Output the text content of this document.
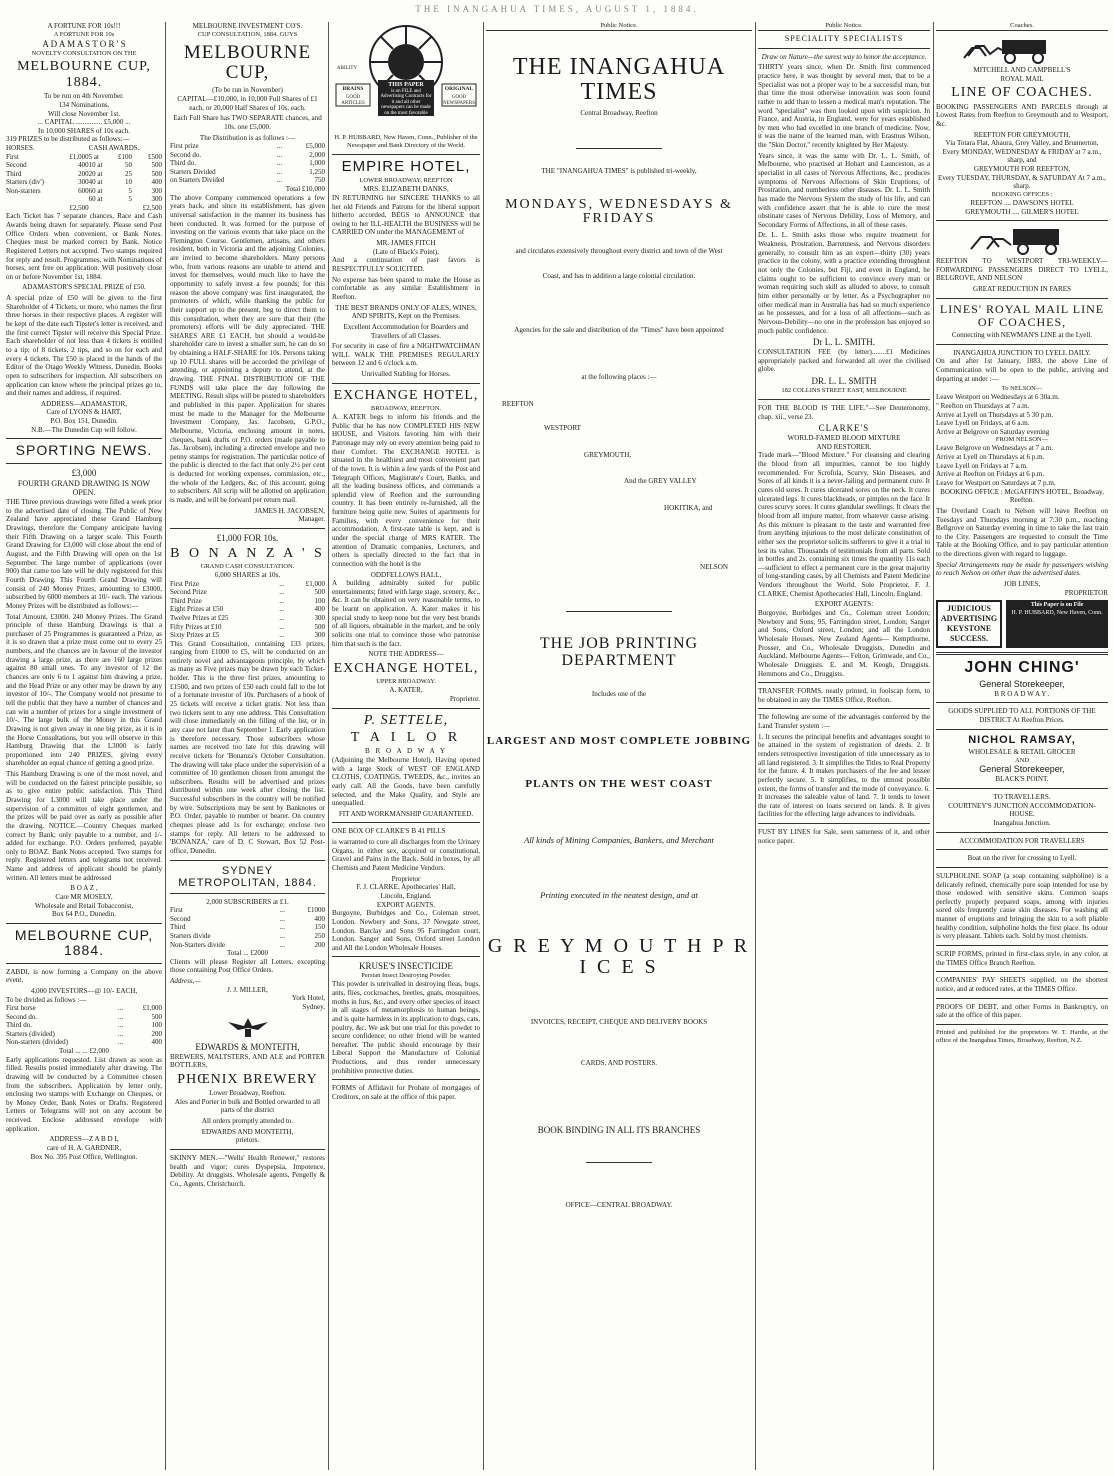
THE INANGAHUA TIMES, AUGUST 1, 1884.
A FORTUNE FOR 10s!!!
A FORTUNE FOR 10s
A D A M A S T O R ' S
NOVELTY CONSULTATION ON THE
MELBOURNE CUP, 1884.
To be run on 4th November.
134 Nominations.
Will close November 1st.
... CAPITAL ............... £5,000 ...
In 10,000 SHARES of 10s each.
319 PRIZES to be distributed as follows:—
HORSES.		CASH AWARDS.		
First	£1,000	5 at	£100	£500
Second	400	10 at	50	500
Third	200	20 at	25	500
Starters (div')	300	40 at	10	400
Non-starters	600	60 at	5	300
		60 at	5	300
	£2,500			£2,500

Each Ticket has 7 separate chances, Race and Cash Awards being drawn for separately. Please send Post Office Orders when convenient, or Bank Notes. Cheques must be marked correct by Bank. Notice Registered Letters not accepted. Two stamps required for reply and result. Programmes, with Nominations of horses, sent free on application. Will positively close on or before November 1st, 1884.

ADAMASTOR'S SPECIAL PRIZE of £50.

A special prize of £50 will be given to the first Shareholder of 4 Tickets, or more, who names the first three horses in their respective places. A register will be kept of the date each Tipster's letter is received, and the first correct Tipster will receive this Special Prize. Each shareholder of not less than 4 tickets is entitled to a tip; of 8 tickets, 2 tips, and so on for each and every 4 tickets. The £50 is placed in the hands of the Editor of the Otago Weekly Witness, Dunedin. Books open to subscribers for inspection. All subscribers on application can know where the principal prizes go to, and their names and address, if required.

ADDRESS—ADAMASTOR,
Care of LYONS & HART,
P.O. Box 151, Dunedin.
N.B.—The Dunedin Cup will follow.
SPORTING NEWS.
£3,000
FOURTH GRAND DRAWING IS NOW OPEN.

THE Three previous drawings were filled a week prior to the advertised date of closing. The Public of New Zealand have appreciated these Grand Hamburg Drawings, therefore the Company anticipate having their Fifth Drawing on a larger scale. This Fourth Grand Drawing for £3,000 will close about the end of August, and the Fifth Drawing will open on the 1st September. The large number of applications (over 900) that came too late will be duly registered for this Fourth Drawing. This Fourth Grand Drawing will consist of 240 Money Prizes, amounting to £3000, subscribed by 6000 members at 10/- each. The various Money Prizes will be distributed as follows:—

Total Amount, £3000. 240 Money Prizes. The Grand principle of these Hamburg Drawings is that a purchaser of 25 Programmes is guaranteed a Prize, as it is so drawn that a prize must come out to every 25 numbers, and the chances are in favour of the investor drawing a large prize, as there are 160 large prizes against 80 small ones. To any investor of 12 the chances are only 6 to 1 against him drawing a prize, and the Head Prize or any other may be drawn by any investor of 10/-. The Company would not presume to tell the public that they have a number of chances and can win a number of prizes for a single investment of 10/-. The large bulk of the Money in this Grand Drawing is not given away in one big prize, as it is in the Horse Consultations, but you will observe in this Hamburg Drawing that the L3000 is fairly proportioned into 240 PRIZES, giving every shareholder an equal chance of getting a good prize.

This Hamburg Drawing is one of the most novel, and will be conducted on the fairest principle possible, so as to give entire public satisfaction. This Third Drawing for L3000 will take place under the supervision of a committee of eight gentlemen, and the prizes will be paid over as early as possible after the drawing. NOTICE.—Country Cheques marked correct by Bank; only payable to a number, and 1/- added for exchange. P.O. Orders preferred, payable only to BOAZ. Bank Notes accepted. Two stamps for reply. Registered letters and telegrams not received. Name and address of applicant should be plainly written. All letters must be addressed

B O A Z ,
Care MR MOSELY,
Wholesale and Retail Tobacconist,
Box 64 P.O., Dunedin.
MELBOURNE CUP, 1884.

ZABDI, is now forming a Company on the above event.

4,000 INVESTORS—@ 10/- EACH,
To be divided as follows :—
First horse	...	£1,000
Second do.	...	500
Third do.	...	100
Starters (divided)	...	200
Non-starters (divided)	...	400
Total ... ... £2,000

Early applications requested. List drawn as soon as filled. Results posted immediately after drawing. The drawing will be conducted by a Committee chosen from the subscribers. Application by letter only, enclosing two stamps with Exchange on Cheques, or by Money Order, Bank Notes or Drafts. Registered Letters or Telegrams will not on any account be received. Enclose addressed envelope with application.

ADDRESS—Z A B D I,
care of H. A. GARDNER,
Box No. 395 Post Office, Wellington.
MELBOURNE INVESTMENT CO'S.
CUP CONSULTATION, 1884. GUYS
MELBOURNE CUP,
(To be run in November)

CAPITAL—£10,000, in 10,000 Full Shares of £1 each, or 20,000 Half Shares of 10s. each.

Each Full Share has TWO SEPARATE chances, and 10s. one £5,000.

The Distribution is as follows :—
First prize	...	£5,000
Second do.	...	2,000
Third do.	...	1,000
Starters Divided	...	1,250
on Starters Divided	...	750
Total £10,000

The above Company commenced operations a few years back, and since its establishment, has given universal satisfaction in the manner its business has been conducted. It was formed for the purpose of investing on the various events that take place on the Flemington Course. Gentlemen, artisans, and others resident, both in Victoria and the adjoining Colonies, are invited to become shareholders. Many persons who, from various reasons are unable to attend and invest for themselves, would much like to have the opportunity to safely invest a few pounds; for this reason the above company was first inaugurated, the promoters of which, while thanking the public for their support up to the present, beg to direct them to this consultation, when they are sure that their (the promoters) efforts will be duly appreciated. THE SHARES ARE £1 EACH, but should a would-be shareholder care to invest a smaller sum, he can do so by obtaining a HALF-SHARE for 10s. Persons taking up 10 FULL shares will be accorded the privilege of attending, or appointing a deputy to attend, at the drawing. THE FINAL DISTRIBUTION OF THE FUNDS will take place the day following the MEETING. Result slips will be posted to shareholders and published in this paper. Application for shares must be made to the Manager for the Melbourne Investment Company, Jas. Jacobsen, G.P.O., Melbourne, Victoria, enclosing amount in notes, cheques, bank drafts or P.O. orders (made payable to Jas. Jacobsen), including a directed envelope and two penny stamps for registration. The particular notice of the public is directed to the fact that only 2½ per cent is deducted for working expenses, commission, etc., the whole of the Ledgers, &c. of this account, going to subscribers. All scrip will be allotted on application is made, and will be forward per return mail.

JAMES H. JACOBSEN,
Manager.
£1,000 FOR 10s.
B O N A N Z A ' S
GRAND CASH CONSULTATION.
6,000 SHARES at 10s.
First Prize	...	£1,000
Second Prize	...	500
Third Prize	...	100
Eight Prizes at £50	...	400
Twelve Prizes at £25	...	300
Fifty Prizes at £10	...	500
Sixty Prizes at £5	...	300

This Grand Consultation, containing 133 prizes, ranging from £1000 to £5, will be conducted on an entirely novel and advantageous principle, by which as many as Five prizes may be drawn by each Ticket-holder. This is the three first prizes, amounting to £1500, and two prizes of £50 each could fall to the lot of a fortunate investor of 10s. Purchasers of a book of 25 tickets will receive a ticket gratis. Not less than two tickets sent to any one address. This Consultation will close immediately on the filling of the list, or in any case not later than September 1. Early application is therefore necessary. Those subscribers whose names are received too late for this drawing will receive tickets for 'Bonanza's October Consultation. The drawing will take place under the supervision of a committee of 10 gentlemen chosen from amongst the subscribers. Results will be advertised and prizes distributed within one week after closing the list. Successful subscribers in the country will be notified by wire. Subscriptions may be sent by Banknotes or P.O. Order, payable to number or bearer. On country cheques please add 1s for exchange; enclose two stamps for reply. All letters to be addressed to 'BONANZA,' care of D. C Stewart, Box 52 Post-office, Dunedin.

SYDNEY METROPOLITAN, 1884.
2,000 SUBSCRIBERS at £1.
First	...	£1000
Second	...	400
Third	...	150
Starters divide	...	250
Non-Starters divide	...	200
Total ... £2000

Clients will please Register all Letters, excepting those containing Post Office Orders.

Address,—
J. J. MILLER,
York Hotel,
Sydney.
EDWARDS & MONTEITH,

BREWERS, MALTSTERS, AND ALE and PORTER BOTTLERS,

PHŒNIX BREWERY
Lower Broadway, Reefton.

Ales and Porter in bulk and Bottled orwarded to all parts of the district

All orders promptly attended to.

EDWARDS AND MONTEITH,
prietors.

SKINNY MEN.—"Wells' Health Renewer," restores health and vigor; cures Dyspepsia, Impotence, Debility. At druggists. Wholesale agents, Pengelly & Co., Agents, Christchurch.

THIS PAPER
is on FILE and Advertising Contracts for it and all other newspapers can be made on the most favorable terms at the Advertising Agency of
BRAINS
GOOD ARTICLES
ORIGINAL
GOOD NEWSPAPERS
ABILITY

H. P. HUBBARD, New Haven, Conn., Publisher of the Newspaper and Bank Directory of the World.

EMPIRE HOTEL,
LOWER BROADWAY, REEFTON
MRS. ELIZABETH DANKS,

IN RETURNING her SINCERE THANKS to all her old Friends and Patrons for the liberal support hitherto accorded, BEGS to ANNOUNCE that owing to her ILL-HEALTH the BUSINESS will be CARRIED ON under the MANAGEMENT of

MR. JAMES FITCH
(Late of Black's Point),

And a continuation of past favors is RESPECTFULLY SOLICITED.

No expense has been spared to make the House as comfortable as any similar Establishment in Reefton.

THE BEST BRANDS ONLY OF ALES, WINES, AND SPIRITS, Kept on the Premises.

Excellent Accommodation for Boarders and Travellers of all Classes.

For security in case of fire a NIGHTWATCHMAN WILL WALK THE PREMISES REGULARLY between 12 and 6 o'clock a.m.

Unrivalled Stabling for Horses.

EXCHANGE HOTEL,
BROADWAY, REEFTON.

A. KATER begs to inform his friends and the Public that he has now COMPLETED HIS NEW HOUSE, and Visitors favoring him with their Patronage may rely on every attention being paid to their Comfort. The EXCHANGE HOTEL is situated in the healthiest and most convenient part of the town. It is within a few yards of the Post and Telegraph Offices, Magistrate's Court, Banks, and all the leading business offices, and commands a splendid view of Reefton and the surrounding country. It has been entirely re-furnished, all the furniture being quite new. Suites of apartments for Families, with every convenience for their accommodation. A first-rate table is kept, and is under the special charge of MRS KATER. The attention of Dramatic companies, Lecturers, and others is specially directed to the fact that in connection with the hotel is the

ODDFELLOWS HALL,

A building admirably suited for public entertainments; fitted with large stage, scenery, &c., &c. It can be obtained on very reasonable terms, to be learnt on application. A. Kater makes it his special study to keep none but the very best brands of all liquors, obtainable in the market, and he only solicits one trial to convince those who patronise him that such is the fact.

NOTE THE ADDRESS—
EXCHANGE HOTEL,
UPPER BROADWAY.
A. KATER,
Proprietor.
P. SETTELE,
T A I L O R
B R O A D W A Y

(Adjoining the Melbourne Hotel), Having opened with a large Stock of WEST OF ENGLAND CLOTHS, COATINGS, TWEEDS, &c., invites an early call. All the Goods, have been carefully selected, and the Make Quality, and Style are unequalled.

FIT AND WORKMANSHIP GUARANTEED.

ONE BOX OF CLARKE'S B 41 PILLS

is warranted to cure all discharges from the Urinary Organs, in either sex, acquired or constitutional, Gravel and Pains in the Back. Sold in boxes, by all Chemists and Patent Medicine Vendors.

Proprietor
F. J. CLARKE, Apothecaries' Hall,
Lincoln, England.
EXPORT AGENTS.

Burgoyne, Burbidges and Co., Coleman street, London. Newbery and Sons, 37 Newgate street, London. Barclay and Sons 95 Farringdon court, London. Sanger and Sons, Oxford street London and All the London Wholesale Houses.

KRUSE'S INSECTICIDE
Persian Insect Destroying Powder.

This powder is unrivalled in destroying fleas, bugs, ants, flies, cockroaches, beetles, gnats, mosquitoes, moths in furs, &c., and every other species of insect in all stages of metamorphosis to human beings, and is quite harmless in its application to dogs, cats, poultry, &c. We ask but one trial for this powder to secure confidence; no other friend will be wanted hereafter. The public should encourage by their Liberal Support the Manufacture of Colonial Productions, and thus render unnecessary prohibitive protective duties.

FORMS of Affidavit for Probate of mortgages of Creditors, on sale at the office of this paper.

Public Notice.
THE INANGAHUA TIMES
Central Broadway, Reefton
THE "INANGAHUA TIMES" is published tri-weekly,
MONDAYS, WEDNESDAYS & FRIDAYS
and circulates extensively throughout every district and town of the West
Coast, and has in addition a large colonial circulation.
Agencies for the sale and distribution of the "Times" have been appointed
at the following places :—
REEFTON
WESTPORT
GREYMOUTH,
And the GREY VALLEY
HOKITIKA, and
NELSON
THE JOB PRINTING DEPARTMENT
Includes one of the
LARGEST AND MOST COMPLETE JOBBING
PLANTS ON THE WEST COAST
All kinds of Mining Companies, Bankers, and Merchant
Printing executed in the neatest design, and at
G R E Y M O U T H P R I C E S
INVOICES, RECEIPT, CHEQUE AND DELIVERY BOOKS
CARDS, AND POSTERS.
BOOK BINDING IN ALL ITS BRANCHES
OFFICE—CENTRAL BROADWAY.
Public Notice.
SPECIALITY SPECIALISTS

Draw on Nature—the surest way to honor the acceptance.

THIRTY years since, when Dr. Smith first commenced practice here, it was thought by several men, that to be a Specialist was not a proper way to be a successful man, but that time the most otherwise innovation was soon found rather to add than to lessen a medical man's reputation. The word "specialist" was then looked upon with suspicion. In France, and Austria, in England, were for years established by men who had excelled in one branch of medicine. Now, it was the name of the learned man, with Erasmus Wilson, the "Skin Doctor," recently knighted by Her Majesty.

Years since, it was the same with Dr. L. L. Smith, of Melbourne, who practised at Hobart and Launceston, as a specialist in all cases of Nervous Affections, &c., produces symptoms of Nervous Affections of Skin Eruptions, of Prostration, and numberless other diseases. Dr. L. L. Smith has made the Nervous System the study of his life, and can with confidence assert that he is able to cure the most obstinate cases of Nervous Debility, Loss of Memory, and Secondary Forms of Affections, in all of these cases.

Dr. L. L. Smith asks those who require treatment for Weakness, Prostration, Barrenness, and Nervous disorders generally, to consult him as an expert—thirty (30) years practice in the colony, with a practice extending throughout not only the Colonies, but Fiji, and even in England, he claims ought to be sufficient to convince every man or woman requiring such skill as alluded to above, to consult him either personally or by letter. As a Psychographer no other medical man in Australia has had so much experience as he possesses, and for a loss of all affections—such as Nervous-Debility—no one in the profession has enjoyed so much public confidence.

Dr L. L. SMITH.

CONSULTATION FEE (by letter)........£1 Medicines appropriately packed and forwarded all over the civilised globe.

DR. L. L. SMITH
182 COLLINS STREET EAST, MELBOURNE

FOR THE BLOOD IS THE LIFE."—See Deuteronomy, chap. xii., verse 23.

CLARKE'S
WORLD-FAMED BLOOD MIXTURE
AND RESTORER.

Trade mark—"Blood Mixture." For cleansing and clearing the blood from all impurities, cannot be too highly recommended. For Scrofula, Scurvy, Skin Diseases, and Sores of all kinds it is a never-failing and permanent cure. It cures old sores. It cures ulcerated sores on the neck. It cures ulcerated legs. It cures blackheads, or pimples on the face. It cures scurvy sores. It cures glandular swellings. It clears the blood from all impure matter, from whatever cause arising. As this mixture is pleasant to the taste and warranted free from anything injurious to the most delicate constitution of either sex the proprietor solicits sufferers to give it a trial to test its value. Thousands of testimonials from all parts. Sold in bottles and 2s. containing six times the quantity 11s each—sufficient to effect a permanent cure in the great majority of long-standing cases, by all Chemists and Patent Medicine Vendors throughout the World. Sole Proprietor, F. J. CLARKE, Chemist Apothecaries' Hall, Lincoln, England.

EXPORT AGENTS:

Burgoyne, Burbidges and Co., Coleman street London; Newbery and Sons, 95, Farringdon street, London; Sanger and Sons, Oxford street, London; and all the London Wholesale Houses. New Zealand Agents— Kempthorne, Prosser, and Co., Wholesale Druggists, Dunedin and Auckland. Melbourne Agents— Felton, Grimwade, and Co., Wholesale Druggists. E. and M. Keogh, Druggists. Hemmons and Co., Druggists.

TRANSFER FORMS, neatly printed, in foolscap form, to be obtained in any the TIMES Office, Reefton.

The following are some of the advantages conferred by the Land Transfer system :—

1. It secures the principal benefits and advantages sought to be attained in the system of registration of deeds. 2. It renders retrospective investigation of title unnecessary as to all land registered. 3. It simplifies the Titles to Real Property for the future. 4. It makes purchasers of the fee and lessee perfectly secure. 5. It simplifies, to the utmost possible extent, the forms of transfer and the mode of conveyance. 6. It increases the saleable value of land. 7. It tends to lower the rate of interest on loans secured on lands. 8. It gives facilities for the effecting large advances to individuals.

FUST BY LINES for Sale, seen sameness of it, and other notice paper.

Coaches.
MITCHELL AND CAMPBELL'S
ROYAL MAIL
LINE OF COACHES.

BOOKING PASSENGERS AND PARCELS through at Lowest Rates from Reefton to Greymouth and to Westport, &c.

REEFTON FOR GREYMOUTH,
Via Totara Flat, Ahaura, Grey Valley, and Brunnerton,
Every MONDAY, WEDNESDAY & FRIDAY at 7 a.m., sharp, and
GREYMOUTH FOR REEFTON,
Every TUESDAY, THURSDAY, & SATURDAY At 7 a.m., sharp.
BOOKING OFFICES :
REEFTON .... DAWSON'S HOTEL
GREYMOUTH .... GILMER'S HOTEL

REEFTON TO WESTPORT TRI-WEEKLY—FORWARDING PASSENGERS DIRECT TO LYELL, BELGROVE, AND NELSON

GREAT REDUCTION IN FARES
LINES' ROYAL MAIL LINE OF COACHES,
Connecting with NEWMAN'S LINE at the Lyell.
INANGAHUA JUNCTION TO LYELL DAILY.

On and after 1st January, 1883, the above Line of Communication will be open to the public, arriving and departing at under :—

To NELSON—
Leave Westport on Wednesdays at 6 30a.m.
" Reefton on Thursdays at 7 a.m.
Arrive at Lyell on Thursdays at 5 30 p.m.
Leave Lyell on Fridays, at 6 a.m.
Arrive at Belgrove on Saturday evening
FROM NELSON—
Leave Belgrove on Wednesdays at 7 a.m.
Arrive at Lyell on Thursdays at 6 p.m.
Leave Lyell on Fridays at 7 a.m.
Arrive at Reefton on Fridays at 6 p.m.
Leave for Westport on Saturdays at 7 p.m.

BOOKING OFFICE : McGAFFIN'S HOTEL, Broadway, Reefton.

The Overland Coach to Nelson will leave Reefton on Tuesdays and Thursdays morning at 7:30 p.m., reaching Bellgrove on Saturday evening in time to take the last train to the City. Passengers are requested to consult the Time Table at the Booking Office, and to pay particular attention to the directions given with regard to luggage.

Special Arrangements may be made by passengers wishing to reach Nelson on other than the advertised dates.

JOB LINES,
PROPRIETOR
JUDICIOUS
ADVERTISING
KEYSTONE
SUCCESS.
This Paper is on File
H. P. HUBBARD, New Haven, Conn.
JOHN CHING'
General Storekeeper,
B R O A D W A Y .

GOODS SUPPLIED TO ALL PORTIONS OF THE DISTRICT At Reefton Prices.

NICHOL RAMSAY,
WHOLESALE & RETAIL GROCER
AND
General Storekeeper,
BLACK'S POINT.
TO TRAVELLERS.
COURTNEY'S JUNCTION ACCOMMODATION-HOUSE.
Inangahua Junction.
ACCOMMODATION FOR TRAVELLERS
Boat on the river for crossing to Lyell.

SULPHOLINE SOAP (a soap containing sulpholine) is a delicately refined, chemically pure soap intended for use by those endowed with sensitive skins. Common soaps perfectly properly prepared soaps, among with injuries sored oils frequently cause skin diseases. For washing all manner of eruptions and bringing the skin to a soft pliable healthy condition, sulpholine holds the first place. Its odour is very pleasant. Tablets each. Sold by most chemists.

SCRIP FORMS, printed in first-class style, in any color, at the TIMES Office Branch Reefton.

COMPANIES' PAY SHEETS supplied, on the shortest notice, and at reduced rates, at the TIMES Office.

PROOFS OF DEBT, and other Forms in Bankruptcy, on sale at the office of this paper.

Printed and published for the proprietors W. T. Hardie, at the office of the Inangahua Times, Broadway, Reefton, N.Z.
